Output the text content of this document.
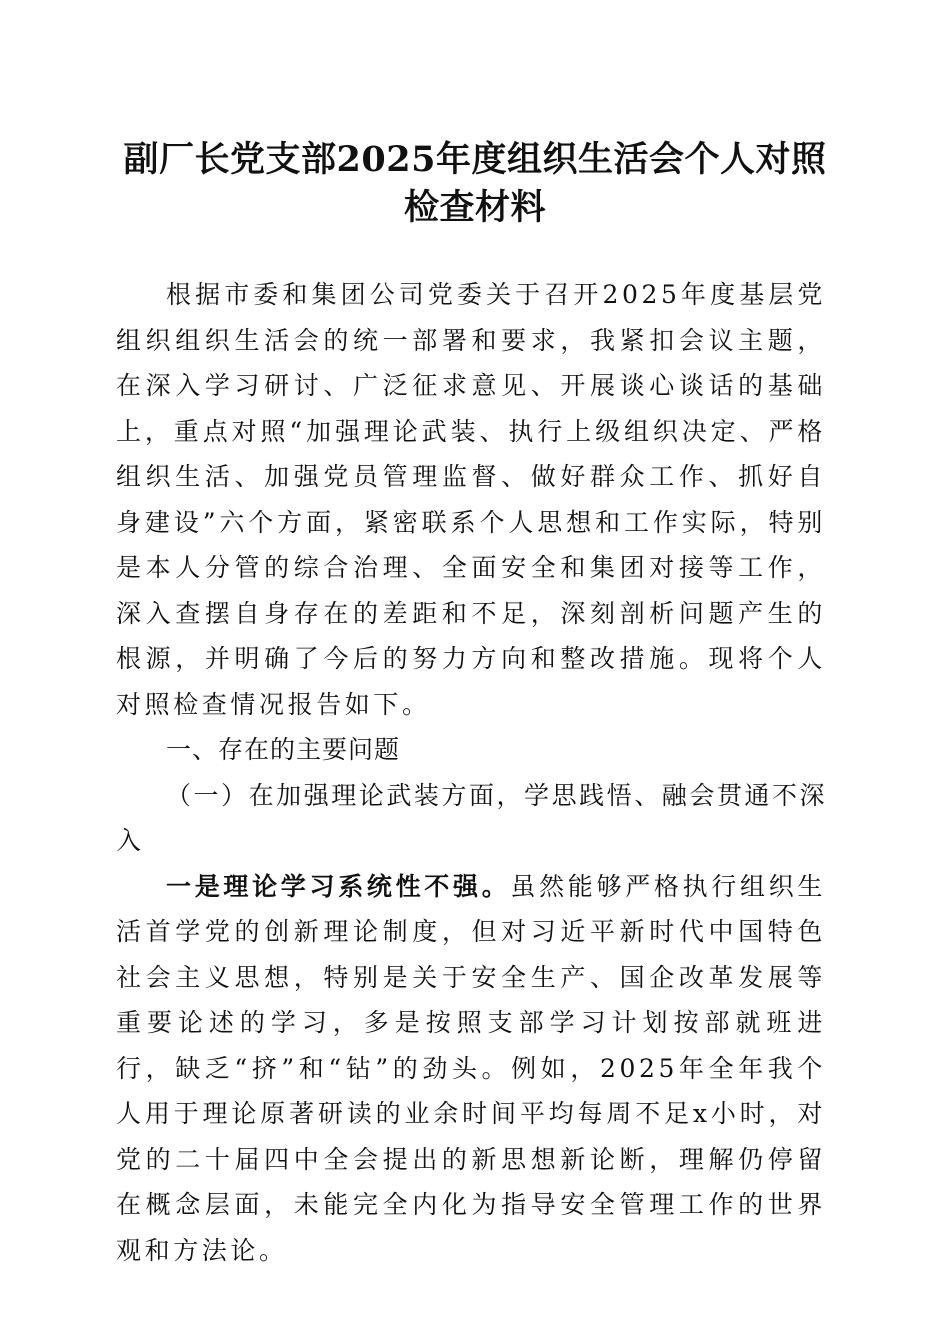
副厂长党支部2025年度组织生活会个人对照检查材料

根据市委和集团公司党委关于召开2025年度基层党组织组织生活会的统一部署和要求，我紧扣会议主题，在深入学习研讨、广泛征求意见、开展谈心谈话的基础上，重点对照“加强理论武装、执行上级组织决定、严格组织生活、加强党员管理监督、做好群众工作、抓好自身建设”六个方面，紧密联系个人思想和工作实际，特别是本人分管的综合治理、全面安全和集团对接等工作，深入查摆自身存在的差距和不足，深刻剖析问题产生的根源，并明确了今后的努力方向和整改措施。现将个人对照检查情况报告如下。

一、存在的主要问题

（一）在加强理论武装方面，学思践悟、融会贯通不深入

一是理论学习系统性不强。虽然能够严格执行组织生活首学党的创新理论制度，但对习近平新时代中国特色社会主义思想，特别是关于安全生产、国企改革发展等重要论述的学习，多是按照支部学习计划按部就班进行，缺乏“挤”和“钻”的劲头。例如，2025年全年我个人用于理论原著研读的业余时间平均每周不足x小时，对党的二十届四中全会提出的新思想新论断，理解仍停留在概念层面，未能完全内化为指导安全管理工作的世界观和方法论。
